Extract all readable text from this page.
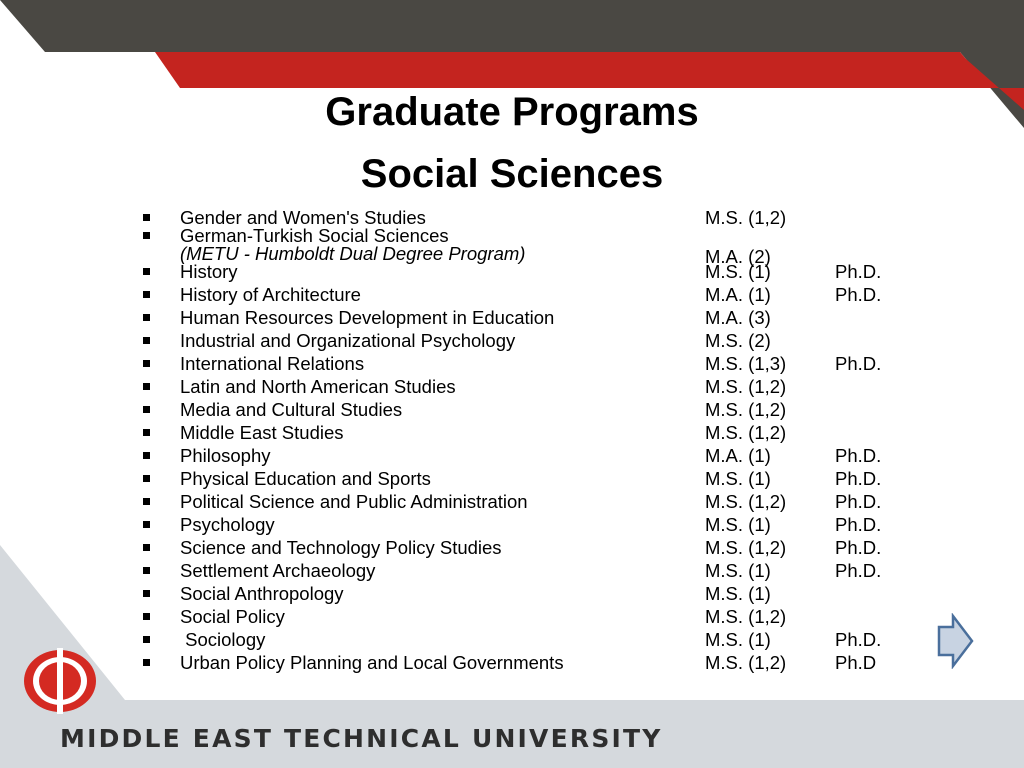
Graduate Programs
Social Sciences
Gender and Women's Studies	M.S. (1,2)
German-Turkish Social Sciences
(METU - Humboldt Dual Degree Program)	M.A. (2)
History	M.S. (1)	Ph.D.
History of Architecture	M.A. (1)	Ph.D.
Human Resources Development in Education	M.A. (3)
Industrial and Organizational Psychology	M.S. (2)
International Relations	M.S. (1,3)	Ph.D.
Latin and North American Studies	M.S. (1,2)
Media and Cultural Studies	M.S. (1,2)
Middle East Studies	M.S. (1,2)
Philosophy	M.A. (1)	Ph.D.
Physical Education and Sports	M.S. (1)	Ph.D.
Political Science and Public Administration	M.S. (1,2)	Ph.D.
Psychology	M.S. (1)	Ph.D.
Science and Technology Policy Studies	M.S. (1,2)	Ph.D.
Settlement Archaeology	M.S. (1)	Ph.D.
Social Anthropology	M.S. (1)
Social Policy	M.S. (1,2)
Sociology	M.S. (1)	Ph.D.
Urban Policy Planning and Local Governments	M.S. (1,2)	Ph.D
MIDDLE EAST TECHNICAL UNIVERSITY
